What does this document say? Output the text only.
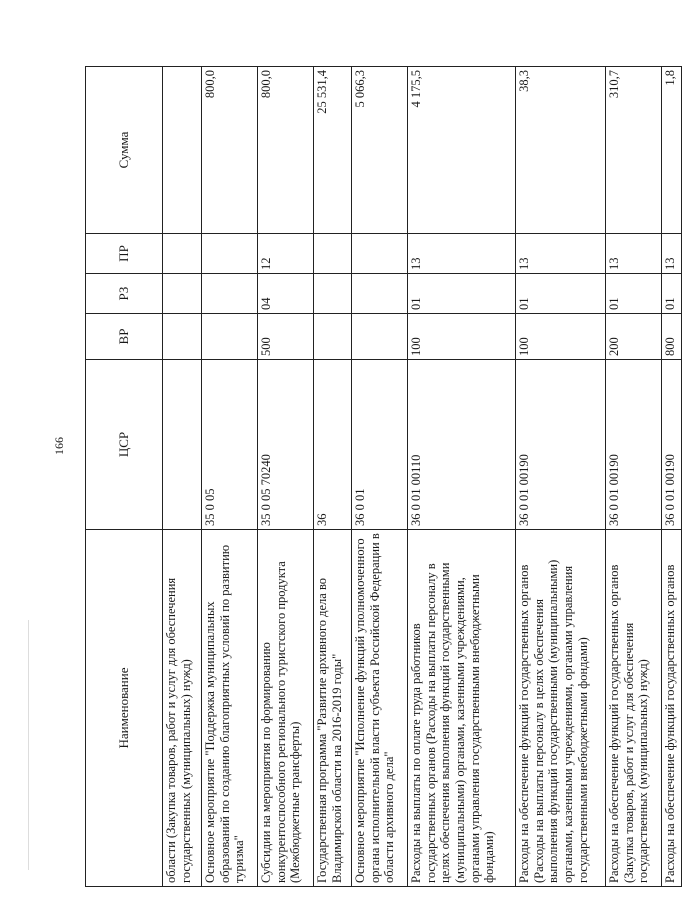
166
Наименование	ЦСР	ВР	РЗ	ПР	Сумма
области (Закупка товаров, работ и услуг для обеспечения государственных (муниципальных) нужд)					
Основное мероприятие "Поддержка муниципальных образований по созданию благоприятных условий по развитию туризма"	35 0 05				800,0
Субсидии на мероприятия по формированию конкурентоспособного регионального туристского продукта (Межбюджетные трансферты)	35 0 05 70240	500	04	12	800,0
Государственная программа "Развитие архивного дела во Владимирской области на 2016-2019 годы"	36				25 531,4
Основное мероприятие "Исполнение функций уполномоченного органа исполнительной власти субъекта Российской Федерации в области архивного дела"	36 0 01				5 066,3
Расходы на выплаты по оплате труда работников государственных органов (Расходы на выплаты персоналу в целях обеспечения выполнения функций государственными (муниципальными) органами, казенными учреждениями, органами управления государственными внебюджетными фондами)	36 0 01 00110	100	01	13	4 175,5
Расходы на обеспечение функций государственных органов (Расходы на выплаты персоналу в целях обеспечения выполнения функций государственными (муниципальными) органами, казенными учреждениями, органами управления государственными внебюджетными фондами)	36 0 01 00190	100	01	13	38,3
Расходы на обеспечение функций государственных органов (Закупка товаров, работ и услуг для обеспечения государственных (муниципальных) нужд)	36 0 01 00190	200	01	13	310,7
Расходы на обеспечение функций государственных органов	36 0 01 00190	800	01	13	1,8
